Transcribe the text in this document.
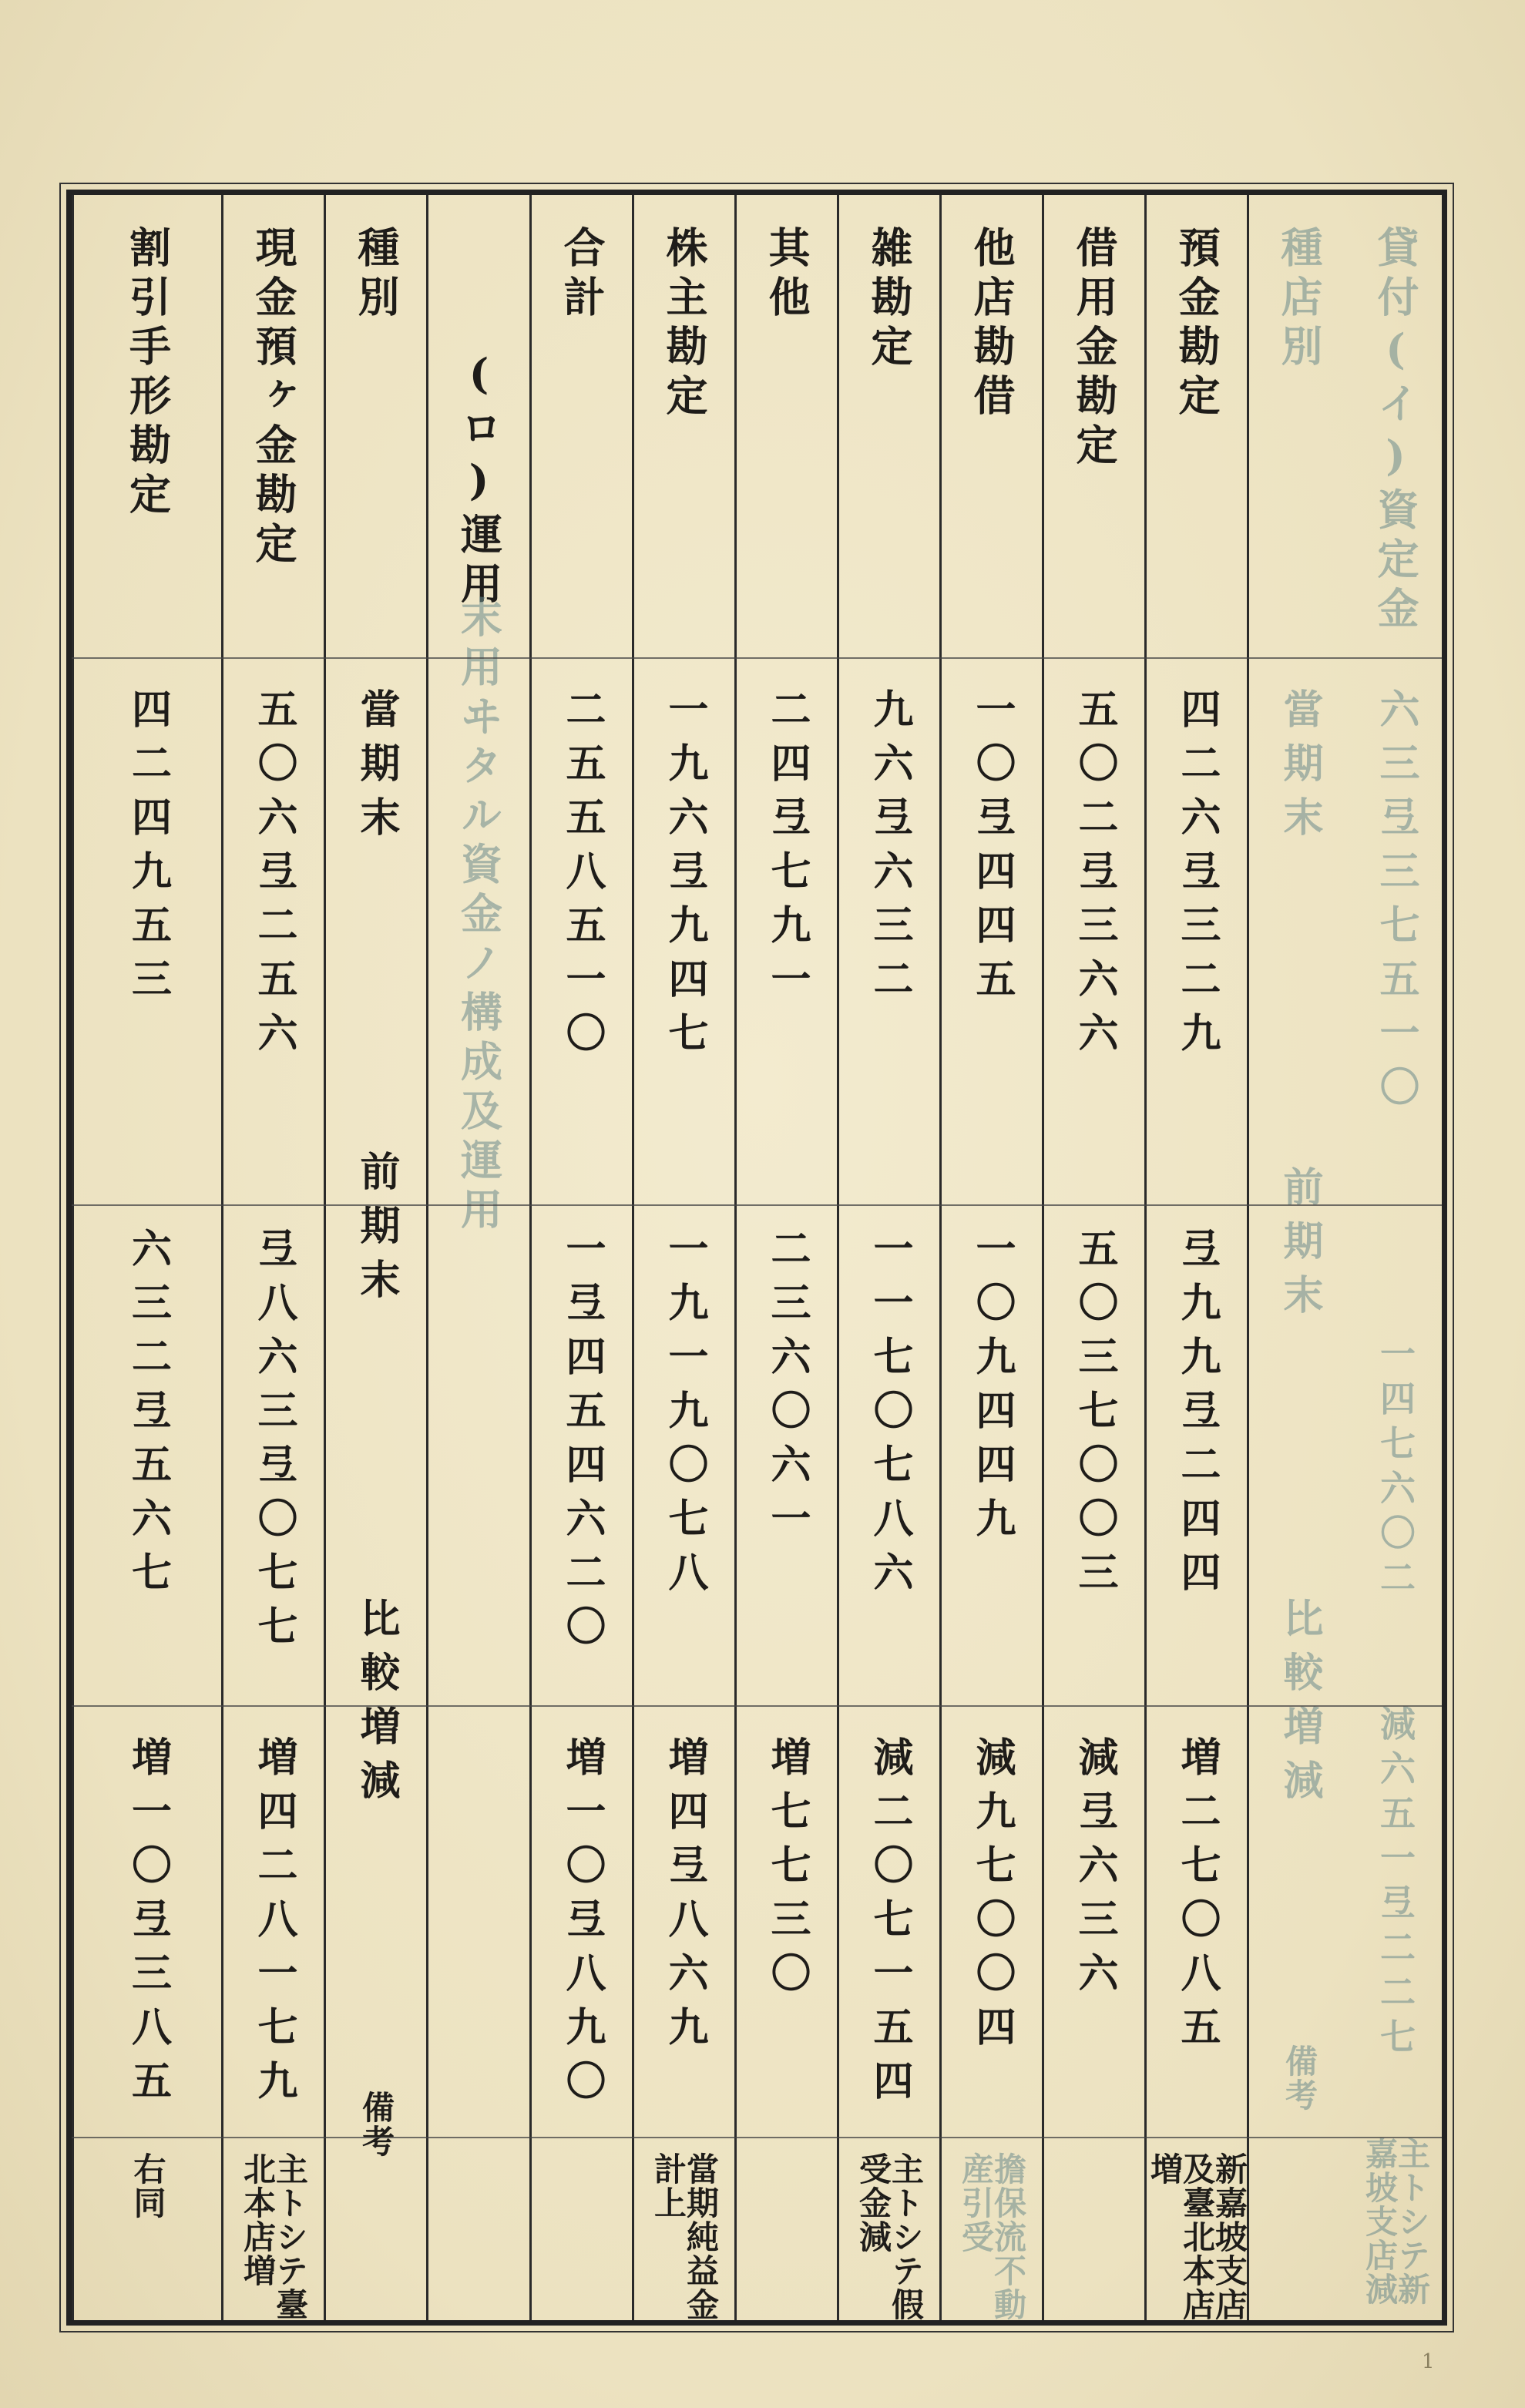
貸付(イ)資定金
六三弖三七五一〇
一四七六〇二
減六五一弖二二七
主トシテ新嘉坡支店減
種店別
當期末
前期末
比較増減
備考
預金勘定
四二六弖三二九
弖九九弖二四四
増二七〇八五
新嘉坡支店及臺北本店増
借用金勘定
五〇二弖三六六
五〇三七〇〇三
減弖六三六
他店勘借
一〇弖四四五
一〇九四四九
減九七〇〇四
擔保流不動産引受
雑勘定
九六弖六三二
一一七〇七八六
減二〇七一五四
主トシテ假受金減
其他
二四弖七九一
二三六〇六一
増七七三〇
株主勘定
一九六弖九四七
一九一九〇七八
増四弖八六九
當期純益金計上
合計
二五五八五一〇
一弖四五四六二〇
増一〇弖八九〇
(ロ)運用
末用ヰタル資金ノ構成及運用
種別
當期末
前期末
比較増減
備考
現金預ヶ金勘定
五〇六弖二五六
弖八六三弖〇七七
増四二八一七九
主トシテ臺北本店増
割引手形勘定
四二四九五三
六三二弖五六七
増一〇弖三八五
右同
1
